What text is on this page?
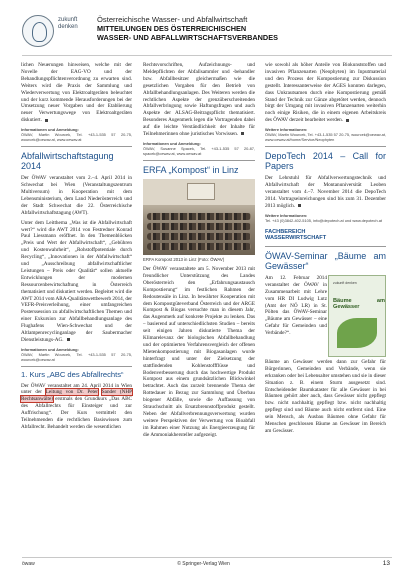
zukunft
denken
Österreichische Wasser- und Abfallwirtschaft
MITTEILUNGEN DES ÖSTERREICHISCHEN
WASSER- UND ABFALLWIRTSCHAFTSVERBANDES

lichen Neuerungen hinweisen, welche mit der Novelle der EAG-VO und der Behandlungspflichtenverordnung zu erwarten sind. Weiters wird die Praxis der Sammlung und Wiederverwertung von Elektroaltgeräten beleuchtet und der kurz kommende Herausforderungen bei der Umsetzung neuer Vorgaben und der Etablierung neuer Verwertungswege von Elektroaltgeräten diskutiert.

Informationen und Anmeldung:
ÖWAV, Martin Wourcek, Tel. +43-1-535 57 20-75, wourcek@oewav.at, www.oewav.at
Abfallwirtschaftstagung 2014

Der ÖWAV veranstaltet vom 2.–4. April 2014 in Schwechat bei Wien (Veranstaltungszentrum Multiversum) in Kooperation mit dem Lebensministerium, dem Land Niederösterreich und der Stadt Schwechat die 22. Österreichische Abfallwirtschaftstagung (AWT).

Unter dem Leitthema „Was ist die Abfallwirtschaft wert?“ wird die AWT 2014 von Festredner Konrad Paul Liessmann eröffnet. In den Themenblöcken „Preis und Wert der Abfallwirtschaft“, „Gebühren und Kostenwahrheit“, „Rohstoffpotentiale durch Recycling“, „Innovationen in der Abfallwirtschaft“ und „Ausschreibung abfallwirtschaftlicher Leistungen – Preis oder Qualität“ sollen aktuelle Entwicklungen der modernen Ressourcenbewirtschaftung in Österreich thematisiert und diskutiert werden. Begleitet wird die AWT 2014 vom ARA-Qualitätswettbewerb 2014, der VEFR-Preisverleihung, einer umfangreichen Posterssession zu abfallwirtschaftlichen Themen und einer Exkursion zur Abfallbehandlungsanlage des Flughafens Wien-Schwechat und der Altlampenrecyclinganlage der Saubermacher Dienstleistungs-AG.

Informationen und Anmeldung:
ÖWAV, Martin Wourcek, Tel. +43-1-535 57 20-75, wourcek@oewav.at
1. Kurs „ABC des Abfallrechts“

Der ÖWAV veranstaltet am 24. April 2014 in Wien unter der Leitung von Dr. Peter Sander (NHP Rechtsanwälte) erstmals den Grundkurs „Das ABC des Abfallrechts für Einsteiger und zur Auffrischung“. Der Kurs vermittelt den Teilnehmenden die rechtlichen Basiswissen zum Abfallrecht. Behandelt werden die wesentlichen

Rechtsvorschriften, Aufzeichnungs- und Meldepflichten der Abfallsammler und -behandler bzw. Abfallbesitzer gleichermaßen wie die gesetzlichen Vorgaben für den Betrieb von Abfallbehandlungsanlagen. Des Weiteren werden die rechtlichen Aspekte der grenzüberschreitenden Abfallverbringung sowie Haftungsfragen und auch Aspekte der ALSAG-Beitragspflicht thematisiert. Besonderes Augenmerk legen die Vortragenden dabei auf die leichte Verständlichkeit der Inhalte für Teilnehmerinnen ohne juristisches Vorwissen.

Informationen und Anmeldung:
ÖWAV, Susanne Spacek, Tel. +43-1-535 57 20-87, spacek@oewav.at, www.oewav.at
ERFA „Kompost“ in Linz
ERFA Kompost 2013 in Linz (Foto: ÖWAV)

Der ÖWAV veranstaltete am 5. November 2013 mit freundlicher Unterstützung des Landes Oberösterreich den „Erfahrungsaustausch Kompostierung“ im festlichen Rahmen der Redoutensäle in Linz. In bewährter Kooperation mit dem Kompostgüteverband Österreich und der ARGE Kompost & Biogas versuchte man in diesem Jahr, das Augenmerk auf konkrete Projekte zu lenken. Das – basierend auf unterschiedlichsten Studien – bereits seit einigen Jahren diskutierte Thema der Klimarelevanz der biologischen Abfallbehandlung und der optimierten Verfahrensvergleich der offenen Mietenkompostierung mit Biogasanlagen wurde hinterfragt und unter der Zielsetzung der stattfindenden Kohlenstoffflüsse und Bodenverbesserung durch das hochwertige Produkt Kompost aus einem grundsätzlichen Blickwinkel betrachtet. Auch das zurzeit brennende Thema der Rottedauer in Bezug zur Sammlung und Überbau biogener Abfälle, sowie die Auffassung von Strauchschnitt als Ersatzbrennstoffprodukt gestellt. Neben der Abfallverbrennungsverwertung wurden weitere Perspektiven der Verwertung von Bioabfall im Rahmen einer Nutzung als Energieerzeugung für die Ammoniakhersteller aufgezeigt.

wie sowohl als höher Anteile von Biokunststoffen und invasiven Pflanzenarten (Neophyten) im Inputmaterial und den Prozess der Kompostierung zur Diskussion gestellt. Interessanterweise der AGES konnten darlegen, dass Unkrautsamen durch eine Kompostierung gemäß Stand der Technik zur Gänze abgetötet werden, dennoch birgt der Umgang mit invasiven Pflanzenarten weiterhin noch einige Risiken, die in einem eigenen Arbeitskreis des ÖWAV derzeit bearbeitet werden.

Weitere Informationen:
ÖWAV, Martin Wourcek, Tel. +43-1-535 57 20-75, wourcek@oewav.at, www.oewav.at/home/Service/Neophyten
DepoTech 2014 – Call for Papers

Der Lehrstuhl für Abfallverwertungstechnik und Abfallwirtschaft der Montanuniversität Leoben veranstaltet vom 4.–7. November 2014 die DepoTech 2014. Vortragseinreichungen sind bis zum 31. Dezember 2013 möglich.

Weitere Informationen:
Tel. +43 (0)3842-402-5105, info@depotech.at und www.depotech.at
FACHBEREICH
WASSERWIRTSCHAFT
ÖWAV-Seminar „Bäume am Gewässer“
zukunft denken
Bäume am Gewässer
Am 12. Februar 2014 veranstaltet der ÖWAV in Zusammenarbeit mit Lehre vom HR DI Ludwig Lutz (Amt der NÖ LR) in St. Pölten das ÖWAV-Seminar „Bäume am Gewässer – eine Gefahr für Gemeinden und Verbände?“.

Bäume an Gewässer werden dann zur Gefahr für Bürgerinnen, Gemeinden und Verbände, wenn sie erkranken oder bei Lebensalter umstehen und sie in dieser Situation z. B. einem Sturm ausgesetzt sind. Entscheidender Baumkataster für alle Gewässer in bei Bäumen gehört aber auch, dass Gewässer nicht gepflegt bzw. nicht nachhaltig gepflegt bzw. nicht nachhaltig gepflegt sind und Bäume auch nicht entfernt sind. Eine sein Mensch, als Ausbau Bäumen ohne Gefahr für Menschen geschlossen Bäume an Gewässer im Bereich am Gewässer.

öwaw	© Springer-Verlag Wien	13
